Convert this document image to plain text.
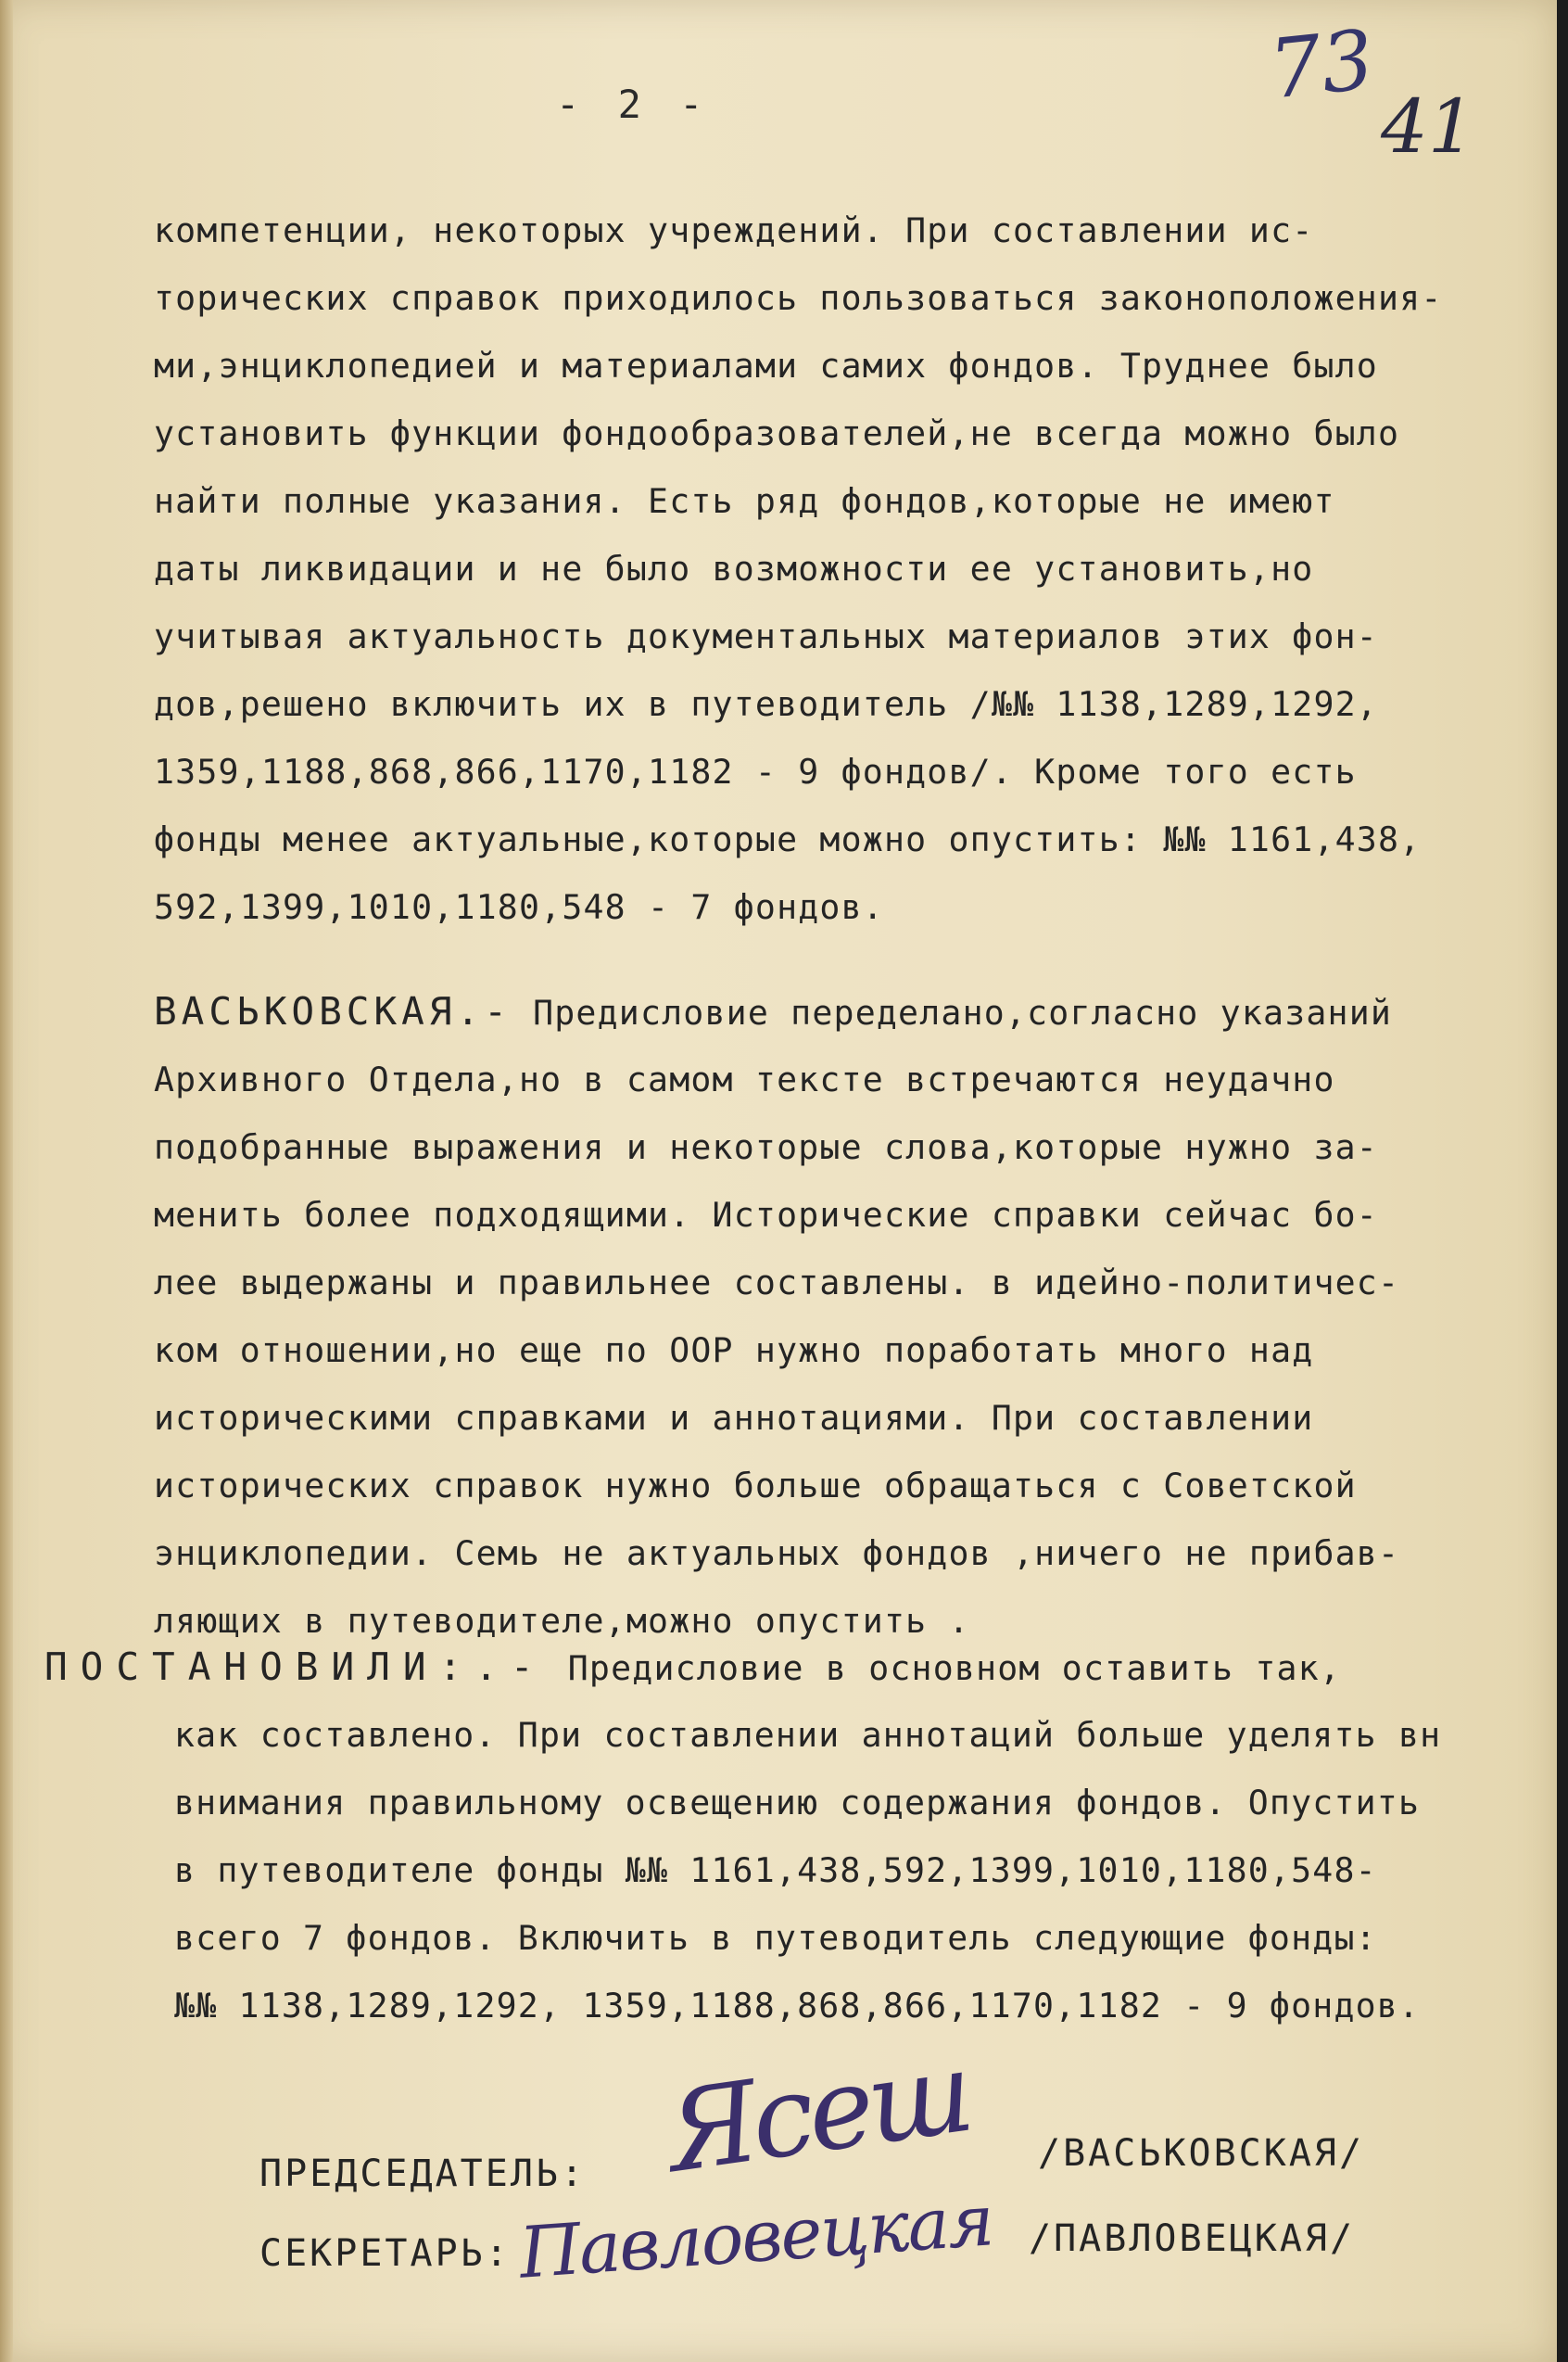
- 2 -	73
41
компетенции, некоторых учреждений. При составлении ис-
торических справок приходилось пользоваться законоположения-
ми,энциклопедией и материалами самих фондов. Труднее было
установить функции фондообразователей,не всегда можно было
найти полные указания. Есть ряд фондов,которые не имеют
даты ликвидации и не было возможности ее установить,но
учитывая актуальность документальных материалов этих фон-
дов,решено включить их в путеводитель /№№ 1138,1289,1292,
1359,1188,868,866,1170,1182 - 9 фондов/. Кроме того есть
фонды менее актуальные,которые можно опустить: №№ 1161,438,
592,1399,1010,1180,548 - 7 фондов.
ВАСЬКОВСКАЯ.- Предисловие переделано,согласно указаний
Архивного Отдела,но в самом тексте встречаются неудачно
подобранные выражения и некоторые слова,которые нужно за-
менить более подходящими. Исторические справки сейчас бо-
лее выдержаны и правильнее составлены. в идейно-политичес-
ком отношении,но еще по ООР нужно поработать много над
историческими справками и аннотациями. При составлении
исторических справок нужно больше обращаться с Советской
энциклопедии. Семь не актуальных фондов ,ничего не прибав-
ляющих в путеводителе,можно опустить .
ПОСТАНОВИЛИ:.- Предисловие в основном оставить так,
как составлено. При составлении аннотаций больше уделять вн
внимания правильному освещению содержания фондов. Опустить
в путеводителе фонды №№ 1161,438,592,1399,1010,1180,548-
всего 7 фондов. Включить в путеводитель следующие фонды:
№№ 1138,1289,1292, 1359,1188,868,866,1170,1182 - 9 фондов.
Ясеш
ПРЕДСЕДАТЕЛЬ:	/ВАСЬКОВСКАЯ/
Павловецкая
СЕКРЕТАРЬ:	/ПАВЛОВЕЦКАЯ/
